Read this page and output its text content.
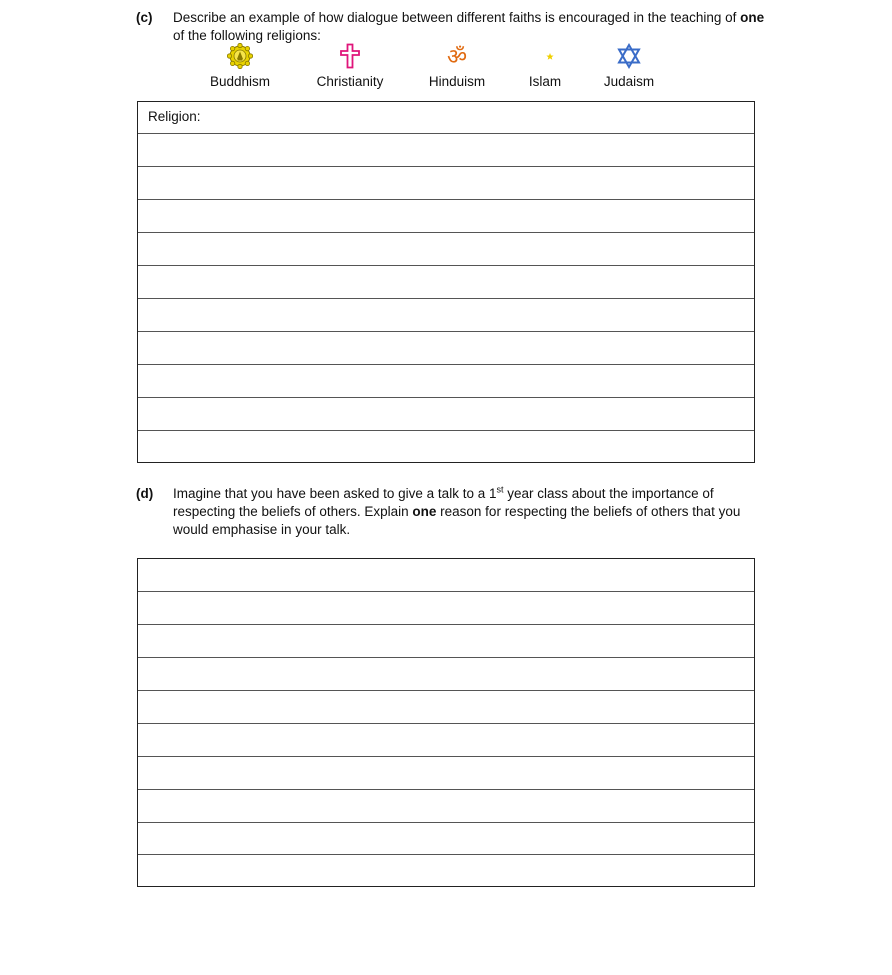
(c) Describe an example of how dialogue between different faiths is encouraged in the teaching of one of the following religions:
Buddhism	Christianity
ॐ
Hinduism	Islam	Judaism
Religion:
(d) Imagine that you have been asked to give a talk to a 1st year class about the importance of respecting the beliefs of others. Explain one reason for respecting the beliefs of others that you would emphasise in your talk.
